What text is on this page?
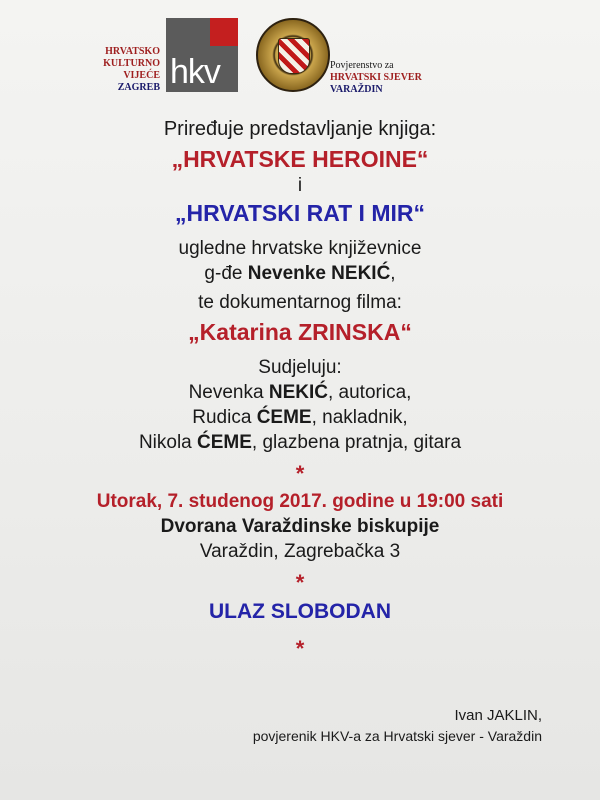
HRVATSKO
KULTURNO
VIJEĆE
ZAGREB hkv	Povjerenstvo za
HRVATSKI SJEVER
VARAŽDIN
Priređuje predstavljanje knjiga:
„HRVATSKE HEROINE“
i
„HRVATSKI RAT I MIR“
ugledne hrvatske književnice
g-đe Nevenke NEKIĆ,
te dokumentarnog filma:
„Katarina ZRINSKA“
Sudjeluju:
Nevenka NEKIĆ, autorica,
Rudica ĆEME, nakladnik,
Nikola ĆEME, glazbena pratnja, gitara
*
Utorak, 7. studenog 2017. godine u 19:00 sati
Dvorana Varaždinske biskupije
Varaždin, Zagrebačka 3
*
ULAZ SLOBODAN
*
Ivan JAKLIN,
povjerenik HKV-a za Hrvatski sjever - Varaždin
